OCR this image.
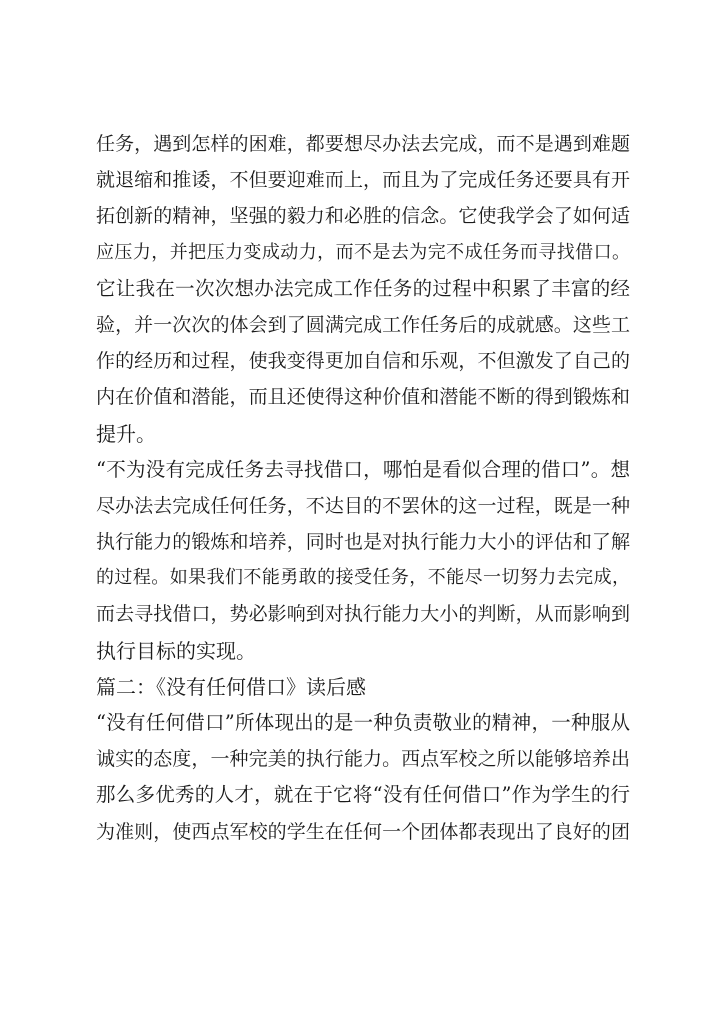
任务，遇到怎样的困难，都要想尽办法去完成，而不是遇到难题
就退缩和推诿，不但要迎难而上，而且为了完成任务还要具有开
拓创新的精神，坚强的毅力和必胜的信念。它使我学会了如何适
应压力，并把压力变成动力，而不是去为完不成任务而寻找借口。
它让我在一次次想办法完成工作任务的过程中积累了丰富的经
验，并一次次的体会到了圆满完成工作任务后的成就感。这些工
作的经历和过程，使我变得更加自信和乐观，不但激发了自己的
内在价值和潜能，而且还使得这种价值和潜能不断的得到锻炼和
提升。
“不为没有完成任务去寻找借口，哪怕是看似合理的借口”。想
尽办法去完成任何任务，不达目的不罢休的这一过程，既是一种
执行能力的锻炼和培养，同时也是对执行能力大小的评估和了解
的过程。如果我们不能勇敢的接受任务，不能尽一切努力去完成，
而去寻找借口，势必影响到对执行能力大小的判断，从而影响到
执行目标的实现。
篇二：《没有任何借口》读后感
“没有任何借口”所体现出的是一种负责敬业的精神，一种服从
诚实的态度，一种完美的执行能力。西点军校之所以能够培养出
那么多优秀的人才，就在于它将“没有任何借口”作为学生的行
为准则，使西点军校的学生在任何一个团体都表现出了良好的团
